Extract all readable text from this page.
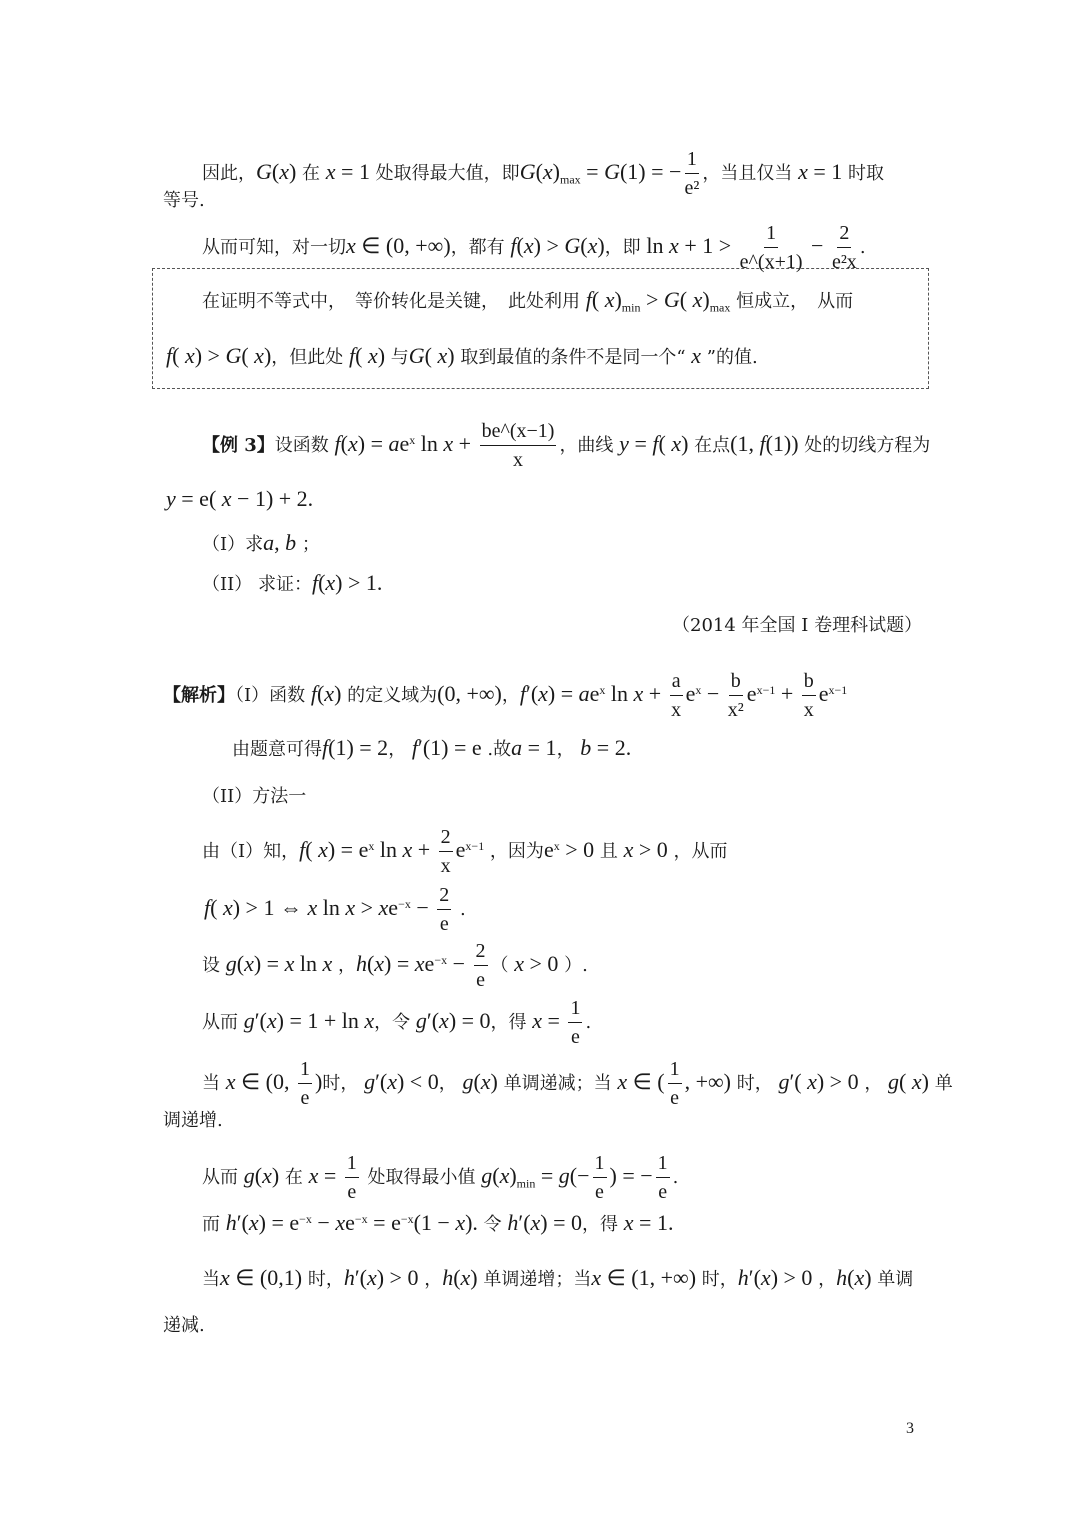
因此，G(x) 在 x = 1 处取得最大值，即$G(x)_{max} = G(1)$ = − $\frac{1}{\text{e²}}$ ，当且仅当 x = 1 时取
等号.
从而可知，对一切x ∈ (0, +∞)，都有 f(x) > G(x)，即 $\ln x + 1 > \frac{1}{e\^{}(x+1)} - \frac{2}{\text{e²x}}$ .
在证明不等式中，　等价转化是关键，　此处利用 f( $x)_{min} > G$( $x)_{max}$ 恒成立，　从而
f( x) > G( x)，但此处 f( x) 与G( x) 取到最值的条件不是同一个“ x ”的值.
【例 3】设函数 $f(x) = ae^x$ $\ln x + \frac{be\^{}(x-1)}{x}$ ，曲线 y = f( x) 在点(1, f(1)) 处的切线方程为
y = e( x − 1) + 2.
（I）求a, b ；
（II） 求证：f(x) > 1.
（2014 年全国 I 卷理科试题）
【解析】（I）函数 f(x) 的定义域为(0, +∞)，$f'(x) = ae^x$ $\ln x + \frac{a}{x} e^x - \frac{b}{\text{x²}} e^{x-1} + \frac{b}{x} e^{x-1}$
由题意可得f(1) = 2， f′(1) = e .故a = 1， b = 2.
（II）方法一
由（I）知，f( $x) = e^x$ $\ln x + \frac{2}{x} e^{x-1}$ ，因为$e^x > 0$ 且 x > 0 ，从而
f( x) > 1 ⇔ x $\ln x > xe^{-x} - \frac{2}{e}$ .
设 g(x) = x ln x ，$h(x) = xe^{-x} - \frac{2}{e}$ （ x > 0 ）.
从而 g′(x) = 1 + ln x，令 g′(x) = 0，得 $x = \frac{1}{e}$ .
当 x ∈ (0, $\frac{1}{e}$ )时， g′(x) < 0， g(x) 单调递减；当 x ∈ ( $\frac{1}{e}$ , +∞) 时， g′( x) > 0 ， g( x) 单
调递增.
从而 g(x) 在 $x = \frac{1}{e}$ 处取得最小值 $g(x)_{min} = g(- \frac{1}{e}$ ) = − $\frac{1}{e}$ .
而 $h'(x) = e^{-x} - xe^{-x} = e^{-x}(1 - x)$. 令 h′(x) = 0，得 x = 1.
当x ∈ (0,1) 时，h′(x) > 0 ，h(x) 单调递增；当x ∈ (1, +∞) 时，h′(x) > 0 ，h(x) 单调
递减.
3
